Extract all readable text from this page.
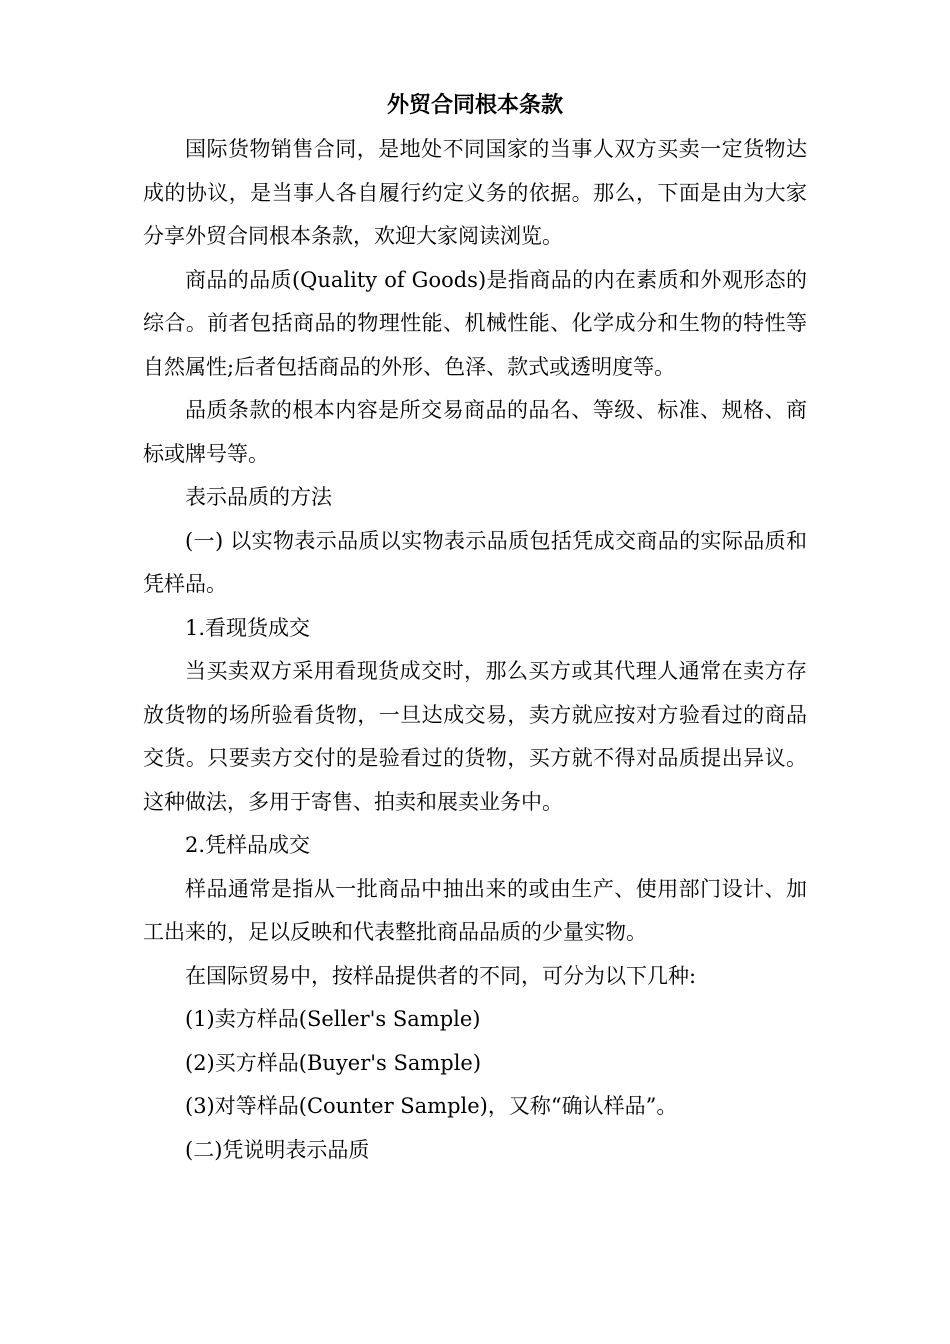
外贸合同根本条款

国际货物销售合同，是地处不同国家的当事人双方买卖一定货物达成的协议，是当事人各自履行约定义务的依据。那么，下面是由为大家分享外贸合同根本条款，欢迎大家阅读浏览。

商品的品质(Quality of Goods)是指商品的内在素质和外观形态的综合。前者包括商品的物理性能、机械性能、化学成分和生物的特性等自然属性;后者包括商品的外形、色泽、款式或透明度等。

品质条款的根本内容是所交易商品的品名、等级、标准、规格、商标或牌号等。

表示品质的方法

(一) 以实物表示品质以实物表示品质包括凭成交商品的实际品质和凭样品。

1.看现货成交

当买卖双方采用看现货成交时，那么买方或其代理人通常在卖方存放货物的场所验看货物，一旦达成交易，卖方就应按对方验看过的商品交货。只要卖方交付的是验看过的货物，买方就不得对品质提出异议。这种做法，多用于寄售、拍卖和展卖业务中。

2.凭样品成交

样品通常是指从一批商品中抽出来的或由生产、使用部门设计、加工出来的，足以反映和代表整批商品品质的少量实物。

在国际贸易中，按样品提供者的不同，可分为以下几种:

(1)卖方样品(Seller's Sample)

(2)买方样品(Buyer's Sample)

(3)对等样品(Counter Sample)，又称“确认样品”。

(二)凭说明表示品质
